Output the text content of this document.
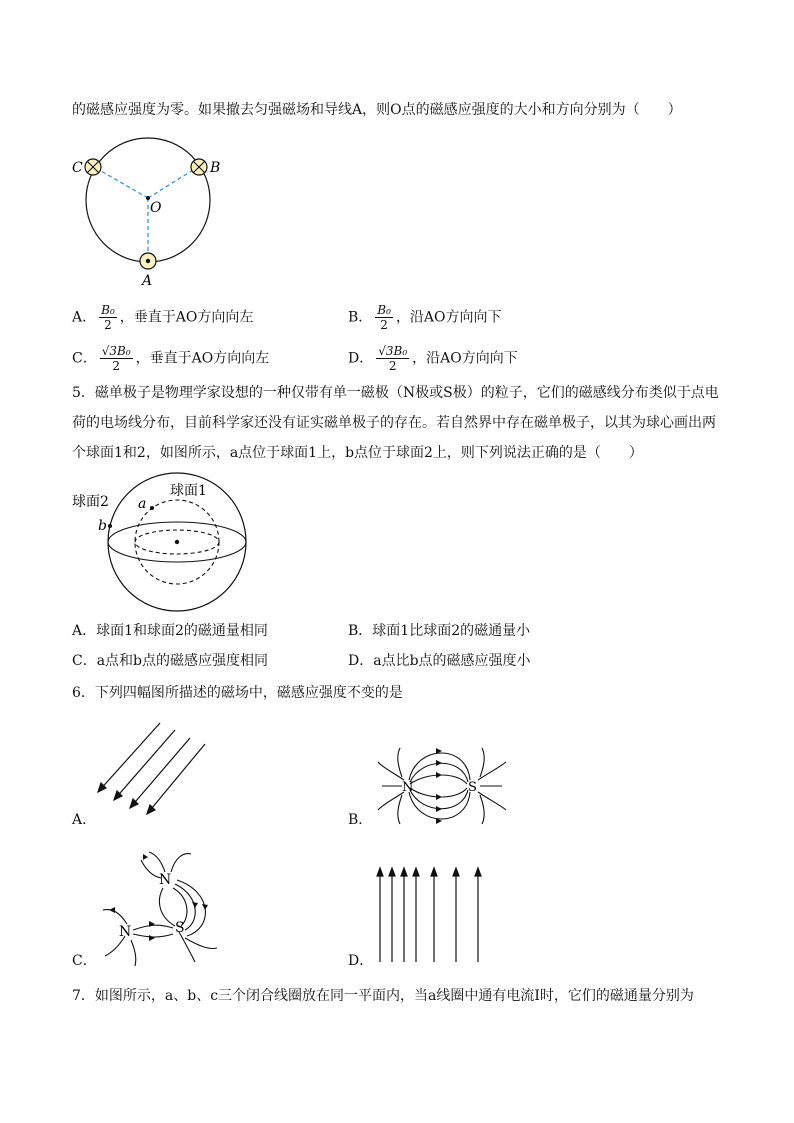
的磁感应强度为零。如果撤去匀强磁场和导线A，则O点的磁感应强度的大小和方向分别为（　　）
C	B
O
A
A． $\frac{\text{B₀}}{2}$ ，垂直于AO方向向左	B． $\frac{\text{B₀}}{2}$ ，沿AO方向向下
C． $\frac{\text{√3B₀}}{2}$ ，垂直于AO方向向左	D． $\frac{\text{√3B₀}}{2}$ ，沿AO方向向下
5．磁单极子是物理学家设想的一种仅带有单一磁极（N极或S极）的粒子，它们的磁感线分布类似于点电
荷的电场线分布，目前科学家还没有证实磁单极子的存在。若自然界中存在磁单极子，以其为球心画出两
个球面1和2，如图所示，a点位于球面1上，b点位于球面2上，则下列说法正确的是（　　）
球面2
球面1
a
b
A．球面1和球面2的磁通量相同	B．球面1比球面2的磁通量小
C．a点和b点的磁感应强度相同	D．a点比b点的磁感应强度小
6．下列四幅图所描述的磁场中，磁感应强度不变的是
A．
N	S
B．
N
N	S
C．	D．
7．如图所示，a、b、c三个闭合线圈放在同一平面内，当a线圈中通有电流I时，它们的磁通量分别为
